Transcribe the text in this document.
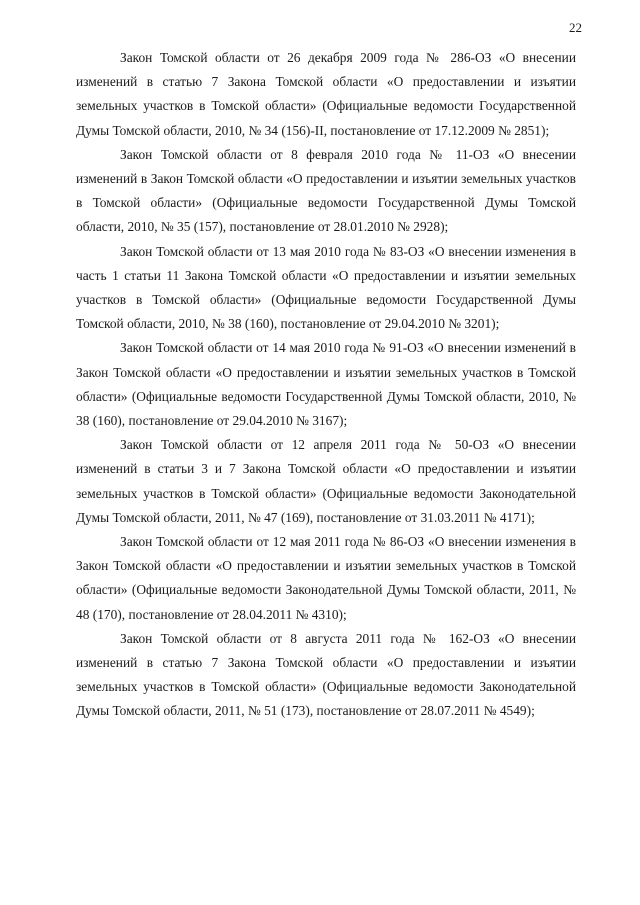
22

Закон Томской области от 26 декабря 2009 года № 286-ОЗ «О внесении изменений в статью 7 Закона Томской области «О предоставлении и изъятии земельных участков в Томской области» (Официальные ведомости Государственной Думы Томской области, 2010, № 34 (156)-II, постановление от 17.12.2009 № 2851);

Закон Томской области от 8 февраля 2010 года № 11-ОЗ «О внесении изменений в Закон Томской области «О предоставлении и изъятии земельных участков в Томской области» (Официальные ведомости Государственной Думы Томской области, 2010, № 35 (157), постановление от 28.01.2010 № 2928);

Закон Томской области от 13 мая 2010 года № 83-ОЗ «О внесении изменения в часть 1 статьи 11 Закона Томской области «О предоставлении и изъятии земельных участков в Томской области» (Официальные ведомости Государственной Думы Томской области, 2010, № 38 (160), постановление от 29.04.2010 № 3201);

Закон Томской области от 14 мая 2010 года № 91-ОЗ «О внесении изменений в Закон Томской области «О предоставлении и изъятии земельных участков в Томской области» (Официальные ведомости Государственной Думы Томской области, 2010, № 38 (160), постановление от 29.04.2010 № 3167);

Закон Томской области от 12 апреля 2011 года № 50-ОЗ «О внесении изменений в статьи 3 и 7 Закона Томской области «О предоставлении и изъятии земельных участков в Томской области» (Официальные ведомости Законодательной Думы Томской области, 2011, № 47 (169), постановление от 31.03.2011 № 4171);

Закон Томской области от 12 мая 2011 года № 86-ОЗ «О внесении изменения в Закон Томской области «О предоставлении и изъятии земельных участков в Томской области» (Официальные ведомости Законодательной Думы Томской области, 2011, № 48 (170), постановление от 28.04.2011 № 4310);

Закон Томской области от 8 августа 2011 года № 162-ОЗ «О внесении изменений в статью 7 Закона Томской области «О предоставлении и изъятии земельных участков в Томской области» (Официальные ведомости Законодательной Думы Томской области, 2011, № 51 (173), постановление от 28.07.2011 № 4549);
